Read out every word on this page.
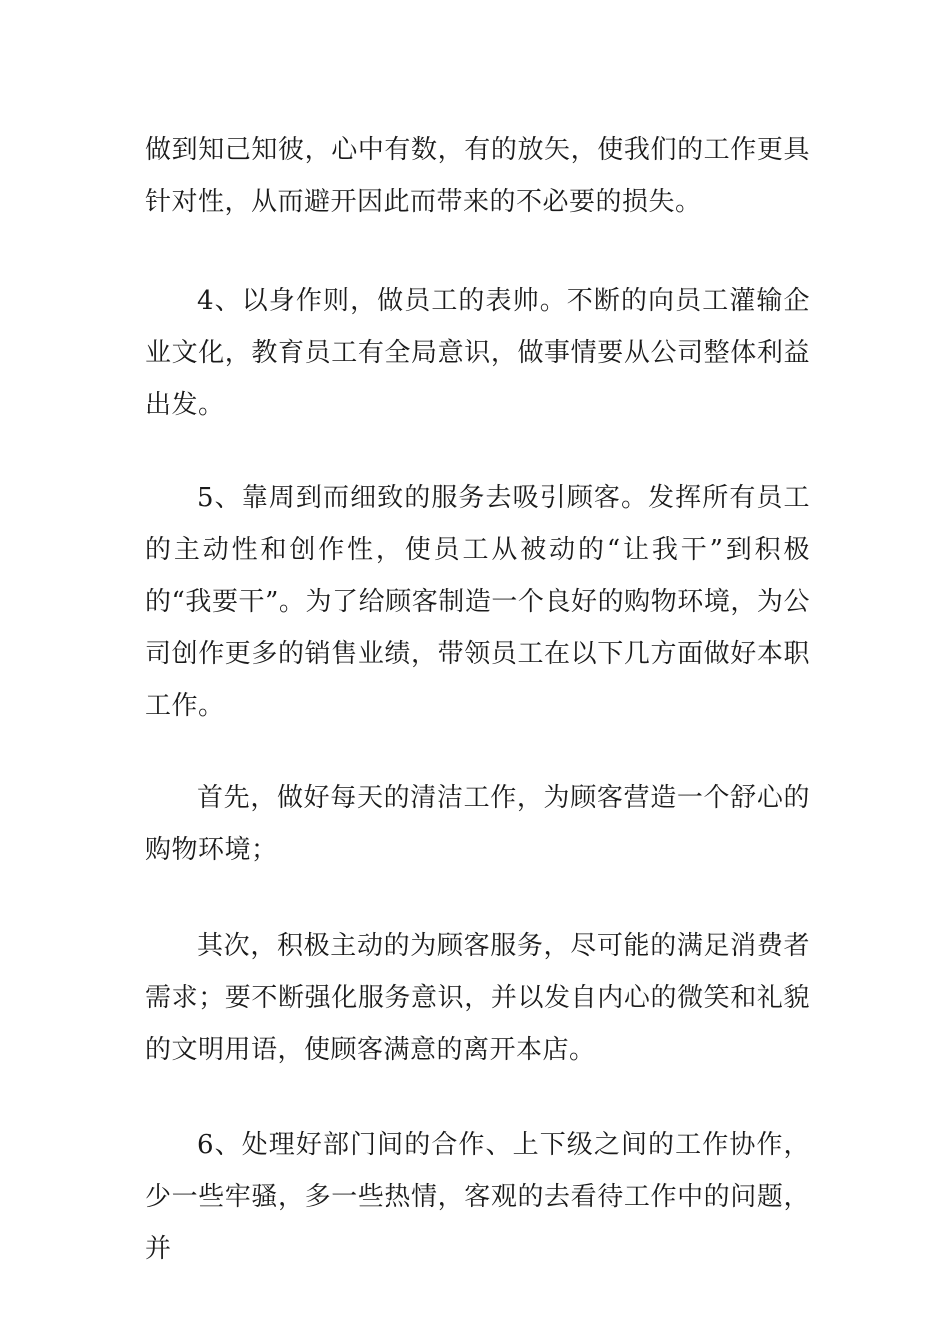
做到知己知彼，心中有数，有的放矢，使我们的工作更具针对性，从而避开因此而带来的不必要的损失。

4、以身作则，做员工的表帅。不断的向员工灌输企业文化，教育员工有全局意识，做事情要从公司整体利益出发。

5、靠周到而细致的服务去吸引顾客。发挥所有员工的主动性和创作性，使员工从被动的“让我干”到积极的“我要干”。为了给顾客制造一个良好的购物环境，为公司创作更多的销售业绩，带领员工在以下几方面做好本职工作。

首先，做好每天的清洁工作，为顾客营造一个舒心的购物环境；

其次，积极主动的为顾客服务，尽可能的满足消费者需求；要不断强化服务意识，并以发自内心的微笑和礼貌的文明用语，使顾客满意的离开本店。

6、处理好部门间的合作、上下级之间的工作协作，少一些牢骚，多一些热情，客观的去看待工作中的问题，并
